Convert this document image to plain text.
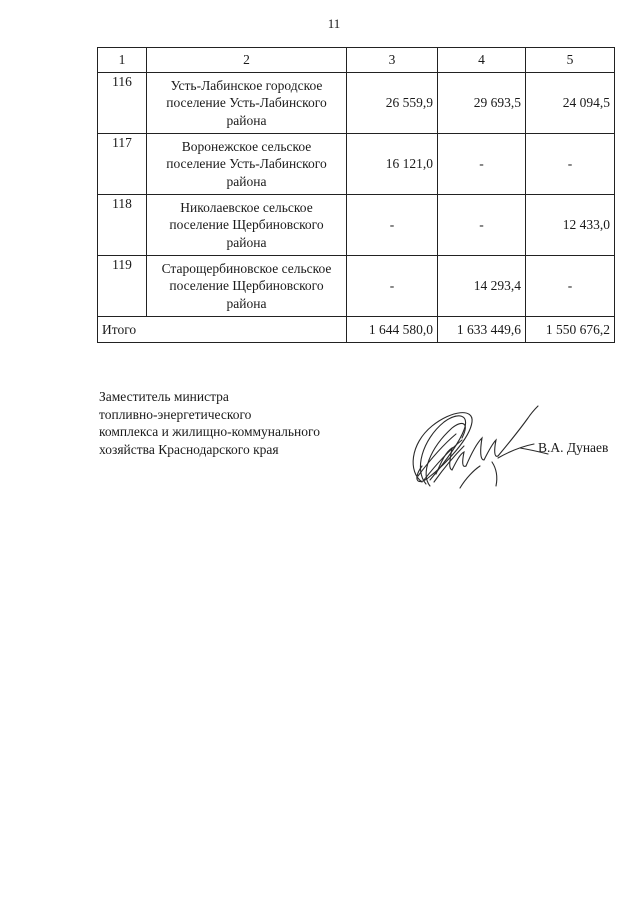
11
1	2	3	4	5
116	Усть-Лабинское городское поселение Усть-Лабинского района	26 559,9	29 693,5	24 094,5
117	Воронежское сельское поселение Усть-Лабинского района	16 121,0	-	-
118	Николаевское сельское поселение Щербиновского района	-	-	12 433,0
119	Старощербиновское сельское поселение Щербиновского района	-	14 293,4	-
Итого		1 644 580,0	1 633 449,6	1 550 676,2
Заместитель министра
топливно-энергетического
комплекса и жилищно-коммунального
хозяйства Краснодарского края	В.А. Дунаев
